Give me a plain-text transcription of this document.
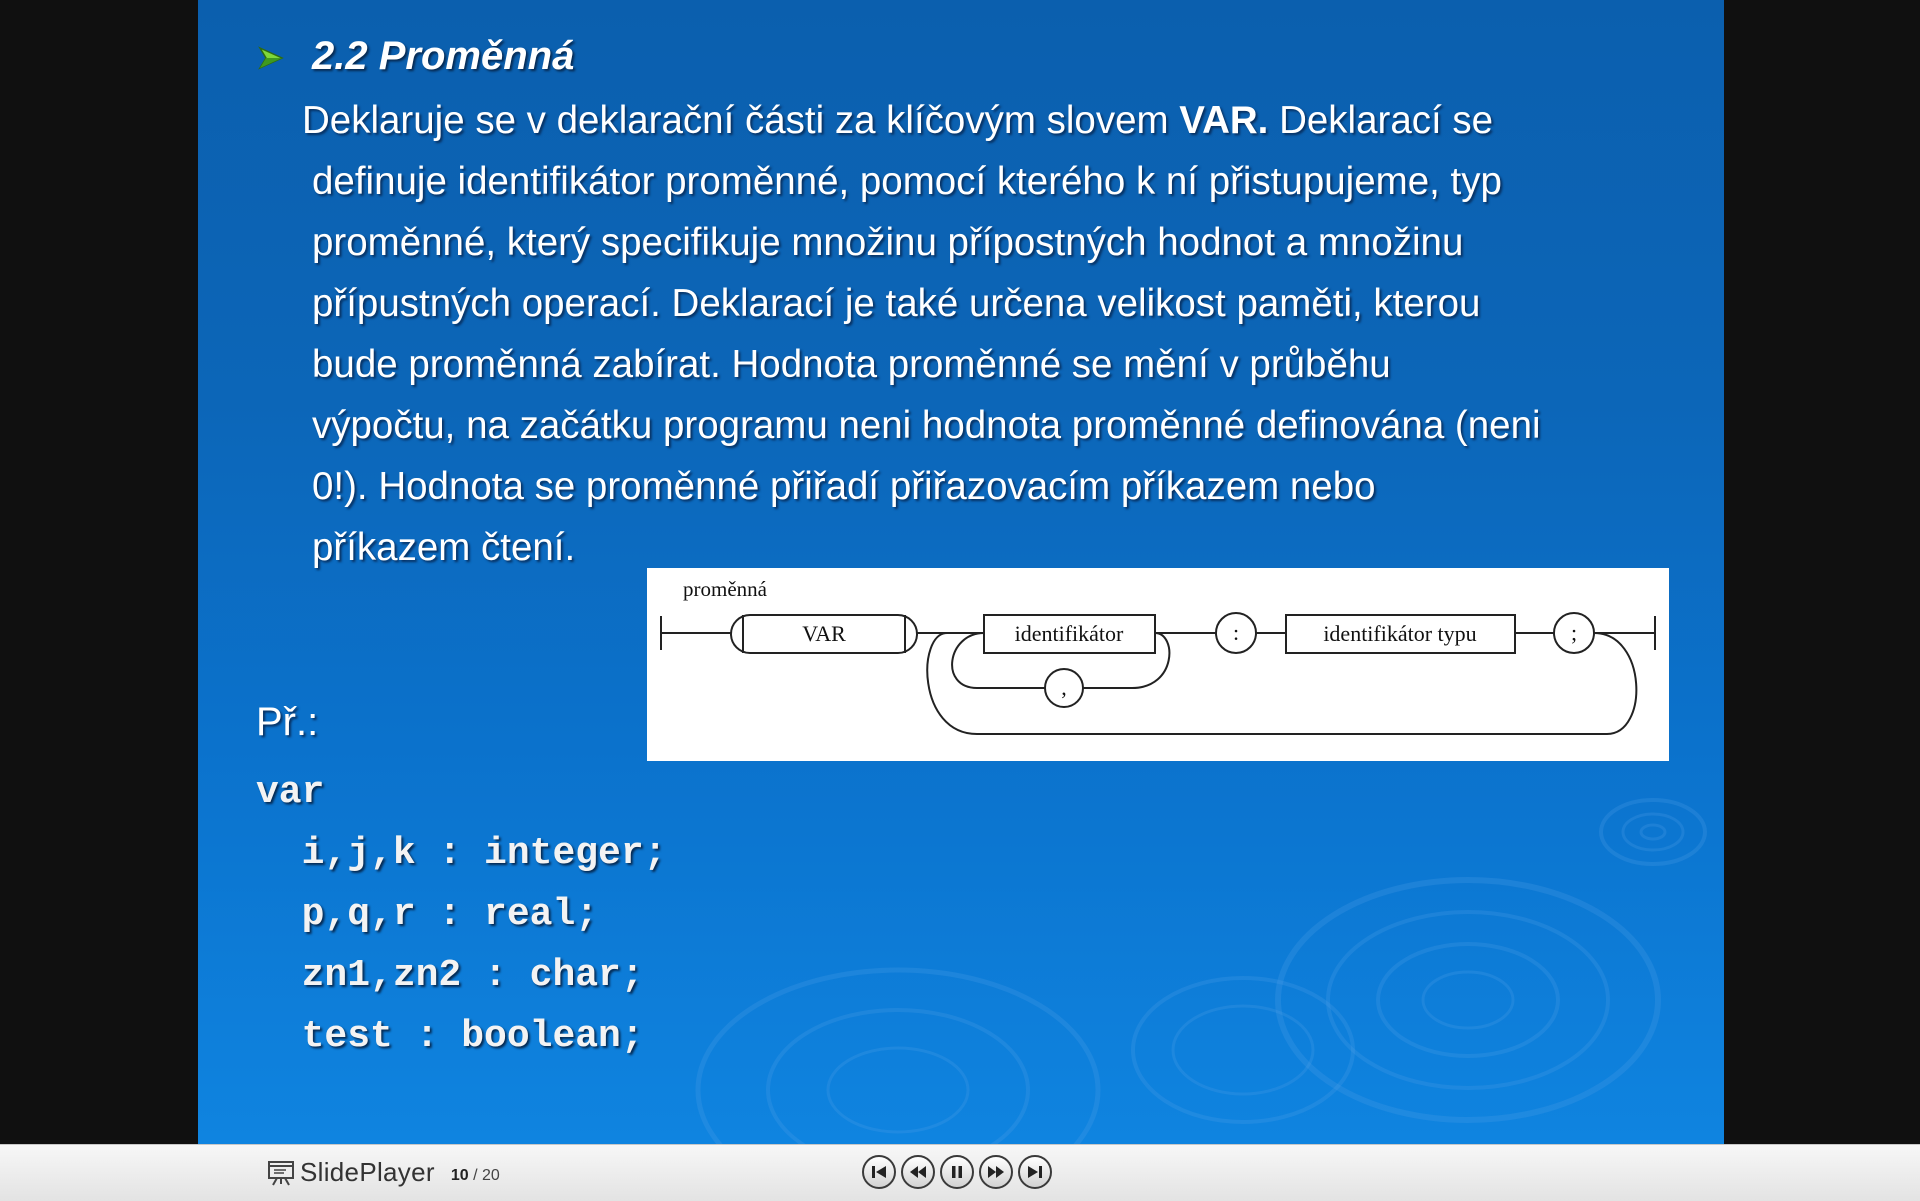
2.2 Proměnná
Deklaruje se v deklarační části za klíčovým slovem VAR. Deklarací se
definuje identifikátor proměnné, pomocí kterého k ní přistupujeme, typ
proměnné, který specifikuje množinu přípostných hodnot a množinu
přípustných operací. Deklarací je také určena velikost paměti, kterou
bude proměnná zabírat. Hodnota proměnné se mění v průběhu
výpočtu, na začátku programu neni hodnota proměnné definována (neni
0!). Hodnota se proměnné přiřadí přiřazovacím příkazem nebo
příkazem čtení.
proměnná
VAR	identifikátor
,
:	identifikátor typu	;
Př.:
var
i,j,k : integer;
p,q,r : real;
zn1,zn2 : char;
test : boolean;
SlidePlayer 10 / 20
